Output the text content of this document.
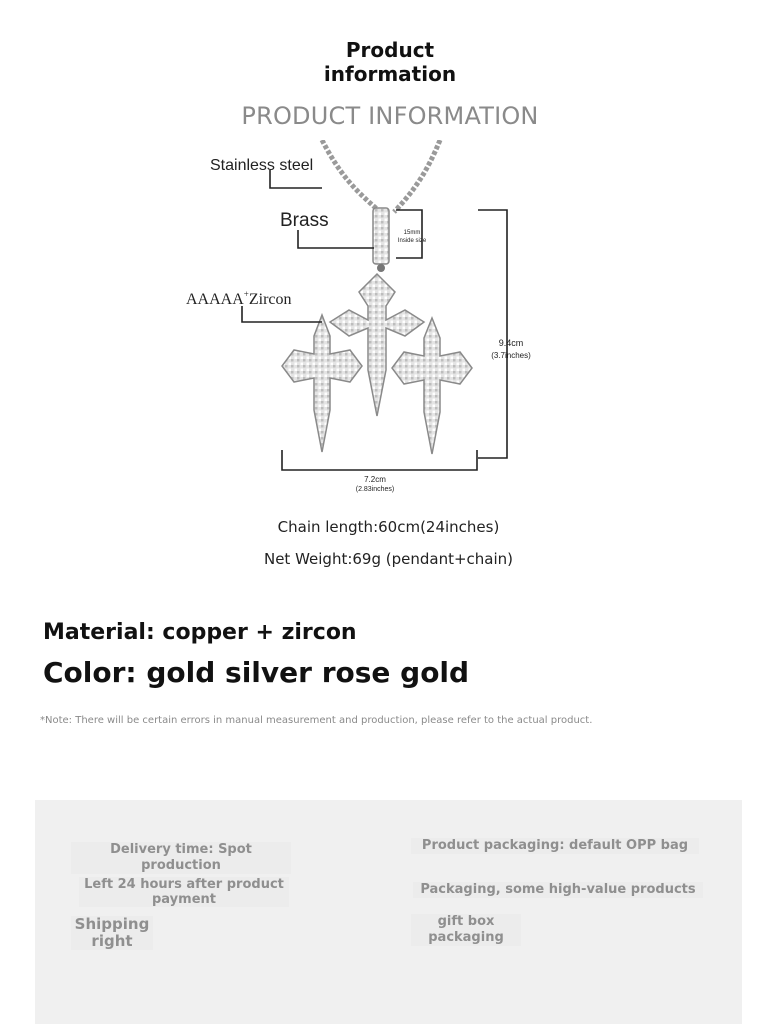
Product information
PRODUCT INFORMATION
Stainless steel
Brass
AAAAA+Zircon
15mm
Inside size
9.4cm
(3.7inches)
7.2cm
(2.83inches)
Chain length:60cm(24inches)
Net Weight:69g (pendant+chain)
Material: copper + zircon
Color: gold silver rose gold
*Note: There will be certain errors in manual measurement and production, please refer to the actual product.
Delivery time: Spot production
Left 24 hours after product payment
Shipping right
Product packaging: default OPP bag
Packaging, some high-value products
gift box packaging
